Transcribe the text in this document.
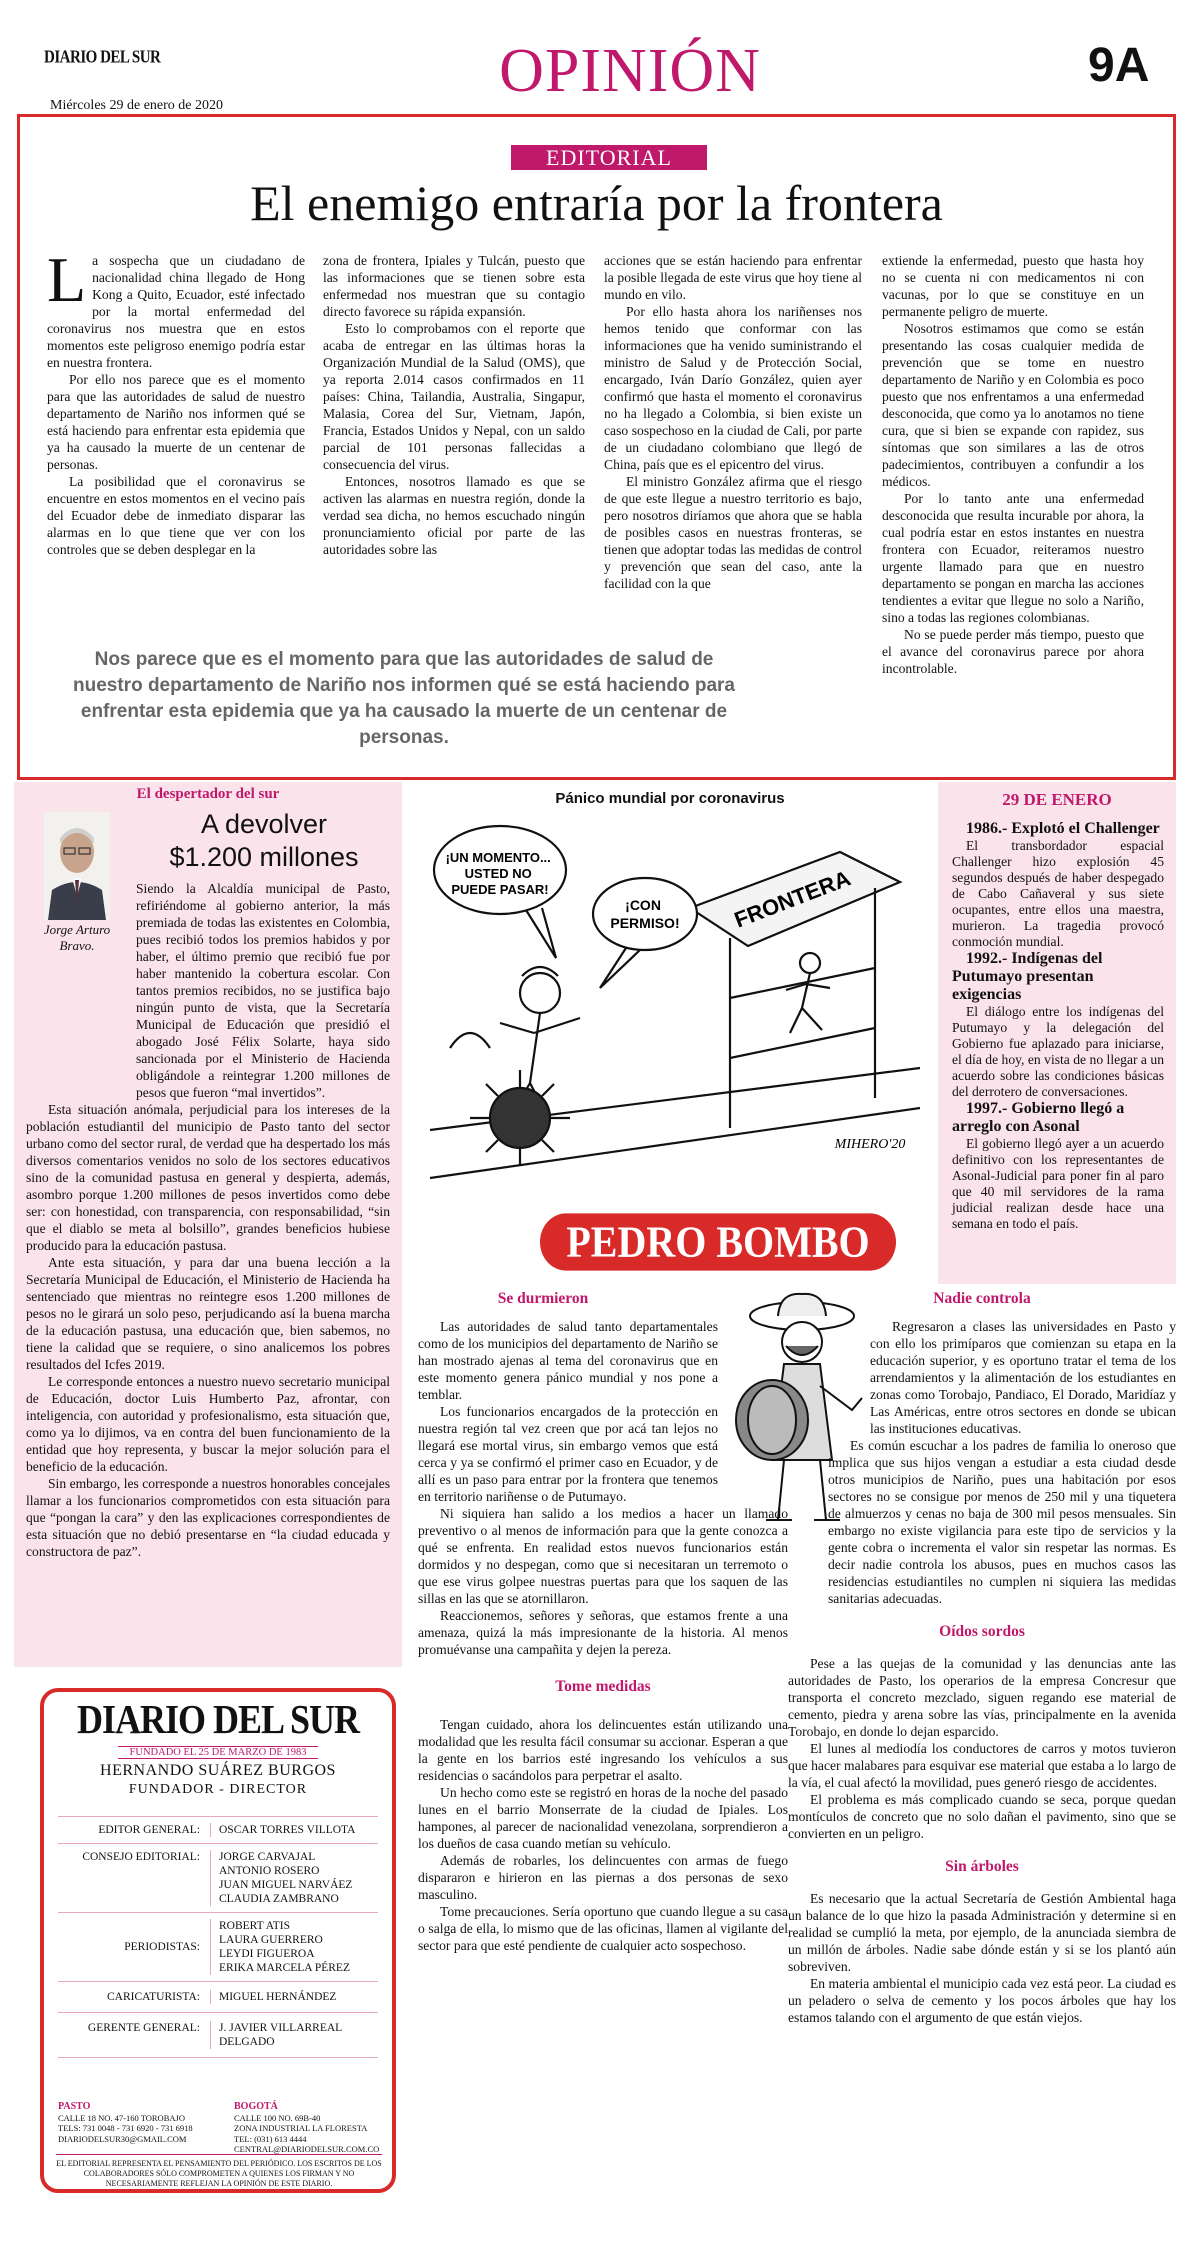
DIARIO DEL SUR	OPINIÓN	9A
Miércoles 29 de enero de 2020
EDITORIAL
El enemigo entraría por la frontera

La sospecha que un ciudadano de nacionalidad china llegado de Hong Kong a Quito, Ecuador, esté infectado por la mortal enfermedad del coronavirus nos muestra que en estos momentos este peligroso enemigo podría estar en nuestra frontera.

Por ello nos parece que es el momento para que las autoridades de salud de nuestro departamento de Nariño nos informen qué se está haciendo para enfrentar esta epidemia que ya ha causado la muerte de un centenar de personas.

La posibilidad que el coronavirus se encuentre en estos momentos en el vecino país del Ecuador debe de inmediato disparar las alarmas en lo que tiene que ver con los controles que se deben desplegar en la

zona de frontera, Ipiales y Tulcán, puesto que las informaciones que se tienen sobre esta enfermedad nos muestran que su contagio directo favorece su rápida expansión.

Esto lo comprobamos con el reporte que acaba de entregar en las últimas horas la Organización Mundial de la Salud (OMS), que ya reporta 2.014 casos confirmados en 11 países: China, Tailandia, Australia, Singapur, Malasia, Corea del Sur, Vietnam, Japón, Francia, Estados Unidos y Nepal, con un saldo parcial de 101 personas fallecidas a consecuencia del virus.

Entonces, nosotros llamado es que se activen las alarmas en nuestra región, donde la verdad sea dicha, no hemos escuchado ningún pronunciamiento oficial por parte de las autoridades sobre las

acciones que se están haciendo para enfrentar la posible llegada de este virus que hoy tiene al mundo en vilo.

Por ello hasta ahora los nariñenses nos hemos tenido que conformar con las informaciones que ha venido suministrando el ministro de Salud y de Protección Social, encargado, Iván Darío González, quien ayer confirmó que hasta el momento el coronavirus no ha llegado a Colombia, si bien existe un caso sospechoso en la ciudad de Cali, por parte de un ciudadano colombiano que llegó de China, país que es el epicentro del virus.

El ministro González afirma que el riesgo de que este llegue a nuestro territorio es bajo, pero nosotros diríamos que ahora que se habla de posibles casos en nuestras fronteras, se tienen que adoptar todas las medidas de control y prevención que sean del caso, ante la facilidad con la que

extiende la enfermedad, puesto que hasta hoy no se cuenta ni con medicamentos ni con vacunas, por lo que se constituye en un permanente peligro de muerte.

Nosotros estimamos que como se están presentando las cosas cualquier medida de prevención que se tome en nuestro departamento de Nariño y en Colombia es poco puesto que nos enfrentamos a una enfermedad desconocida, que como ya lo anotamos no tiene cura, que si bien se expande con rapidez, sus síntomas que son similares a las de otros padecimientos, contribuyen a confundir a los médicos.

Por lo tanto ante una enfermedad desconocida que resulta incurable por ahora, la cual podría estar en estos instantes en nuestra frontera con Ecuador, reiteramos nuestro urgente llamado para que en nuestro departamento se pongan en marcha las acciones tendientes a evitar que llegue no solo a Nariño, sino a todas las regiones colombianas.

No se puede perder más tiempo, puesto que el avance del coronavirus parece por ahora incontrolable.

Nos parece que es el momento para que las autoridades de salud de nuestro departamento de Nariño nos informen qué se está haciendo para enfrentar esta epidemia que ya ha causado la muerte de un centenar de personas.
El despertador del sur
Jorge Arturo
Bravo.
A devolver
$1.200 millones

Siendo la Alcaldía municipal de Pasto, refiriéndome al gobierno anterior, la más premiada de todas las existentes en Colombia, pues recibió todos los premios habidos y por haber, el último premio que recibió fue por haber mantenido la cobertura escolar. Con tantos premios recibidos, no se justifica bajo ningún punto de vista, que la Secretaría Municipal de Educación que presidió el abogado José Félix Solarte, haya sido sancionada por el Ministerio de Hacienda obligándole a reintegrar 1.200 millones de pesos que fueron “mal invertidos”.

Esta situación anómala, perjudicial para los intereses de la población estudiantil del municipio de Pasto tanto del sector urbano como del sector rural, de verdad que ha despertado los más diversos comentarios venidos no solo de los sectores educativos sino de la comunidad pastusa en general y despierta, además, asombro porque 1.200 millones de pesos invertidos como debe ser: con honestidad, con transparencia, con responsabilidad, “sin que el diablo se meta al bolsillo”, grandes beneficios hubiese producido para la educación pastusa.

Ante esta situación, y para dar una buena lección a la Secretaría Municipal de Educación, el Ministerio de Hacienda ha sentenciado que mientras no reintegre esos 1.200 millones de pesos no le girará un solo peso, perjudicando así la buena marcha de la educación pastusa, una educación que, bien sabemos, no tiene la calidad que se requiere, o sino analicemos los pobres resultados del Icfes 2019.

Le corresponde entonces a nuestro nuevo secretario municipal de Educación, doctor Luis Humberto Paz, afrontar, con inteligencia, con autoridad y profesionalismo, esta situación que, como ya lo dijimos, va en contra del buen funcionamiento de la entidad que hoy representa, y buscar la mejor solución para el beneficio de la educación.

Sin embargo, les corresponde a nuestros honorables concejales llamar a los funcionarios comprometidos con esta situación para que “pongan la cara” y den las explicaciones correspondientes de esta situación que no debió presentarse en “la ciudad educada y constructora de paz”.

Pánico mundial por coronavirus
¡UN MOMENTO... USTED NO PUEDE PASAR!
¡CON PERMISO! FRONTERA
MIHERO'20
29 DE ENERO
1986.- Explotó el Challenger

El transbordador espacial Challenger hizo explosión 45 segundos después de haber despegado de Cabo Cañaveral y sus siete ocupantes, entre ellos una maestra, murieron. La tragedia provocó conmoción mundial.

1992.- Indígenas del Putumayo presentan exigencias

El diálogo entre los indígenas del Putumayo y la delegación del Gobierno fue aplazado para iniciarse, el día de hoy, en vista de no llegar a un acuerdo sobre las condiciones básicas del derrotero de conversaciones.

1997.- Gobierno llegó a arreglo con Asonal

El gobierno llegó ayer a un acuerdo definitivo con los representantes de Asonal-Judicial para poner fin al paro que 40 mil servidores de la rama judicial realizan desde hace una semana en todo el país.

PEDRO BOMBO
Se durmieron

Las autoridades de salud tanto departamentales como de los municipios del departamento de Nariño se han mostrado ajenas al tema del coronavirus que en este momento genera pánico mundial y nos pone a temblar.

Los funcionarios encargados de la protección en nuestra región tal vez creen que por acá tan lejos no llegará ese mortal virus, sin embargo vemos que está cerca y ya se confirmó el primer caso en Ecuador, y de allí es un paso para entrar por la frontera que tenemos en territorio nariñense o de Putumayo.

Ni siquiera han salido a los medios a hacer un llamado preventivo o al menos de información para que la gente conozca a qué se enfrenta. En realidad estos nuevos funcionarios están dormidos y no despegan, como que si necesitaran un terremoto o que ese virus golpee nuestras puertas para que los saquen de las sillas en las que se atornillaron.

Reaccionemos, señores y señoras, que estamos frente a una amenaza, quizá la más impresionante de la historia. Al menos promuévanse una campañita y dejen la pereza.

Tome medidas

Tengan cuidado, ahora los delincuentes están utilizando una modalidad que les resulta fácil consumar su accionar. Esperan a que la gente en los barrios esté ingresando los vehículos a sus residencias o sacándolos para perpetrar el asalto.

Un hecho como este se registró en horas de la noche del pasado lunes en el barrio Monserrate de la ciudad de Ipiales. Los hampones, al parecer de nacionalidad venezolana, sorprendieron a los dueños de casa cuando metían su vehículo.

Además de robarles, los delincuentes con armas de fuego dispararon e hirieron en las piernas a dos personas de sexo masculino.

Tome precauciones. Sería oportuno que cuando llegue a su casa o salga de ella, lo mismo que de las oficinas, llamen al vigilante del sector para que esté pendiente de cualquier acto sospechoso.

Nadie controla

Regresaron a clases las universidades en Pasto y con ello los primíparos que comienzan su etapa en la educación superior, y es oportuno tratar el tema de los arrendamientos y la alimentación de los estudiantes en zonas como Torobajo, Pandiaco, El Dorado, Maridíaz y Las Américas, entre otros sectores en donde se ubican las instituciones educativas.

Es común escuchar a los padres de familia lo oneroso que implica que sus hijos vengan a estudiar a esta ciudad desde otros municipios de Nariño, pues una habitación por esos sectores no se consigue por menos de 250 mil y una tiquetera de almuerzos y cenas no baja de 300 mil pesos mensuales. Sin embargo no existe vigilancia para este tipo de servicios y la gente cobra o incrementa el valor sin respetar las normas. Es decir nadie controla los abusos, pues en muchos casos las residencias estudiantiles no cumplen ni siquiera las medidas sanitarias adecuadas.

Oídos sordos

Pese a las quejas de la comunidad y las denuncias ante las autoridades de Pasto, los operarios de la empresa Concresur que transporta el concreto mezclado, siguen regando ese material de cemento, piedra y arena sobre las vías, principalmente en la avenida Torobajo, en donde lo dejan esparcido.

El lunes al mediodía los conductores de carros y motos tuvieron que hacer malabares para esquivar ese material que estaba a lo largo de la vía, el cual afectó la movilidad, pues generó riesgo de accidentes.

El problema es más complicado cuando se seca, porque quedan montículos de concreto que no solo dañan el pavimento, sino que se convierten en un peligro.

Sin árboles

Es necesario que la actual Secretaría de Gestión Ambiental haga un balance de lo que hizo la pasada Administración y determine si en realidad se cumplió la meta, por ejemplo, de la anunciada siembra de un millón de árboles. Nadie sabe dónde están y si se los plantó aún sobreviven.

En materia ambiental el municipio cada vez está peor. La ciudad es un peladero o selva de cemento y los pocos árboles que hay los estamos talando con el argumento de que están viejos.

DIARIO DEL SUR
FUNDADO EL 25 DE MARZO DE 1983
HERNANDO SUÁREZ BURGOS
FUNDADOR - DIRECTOR
EDITOR GENERAL:	OSCAR TORRES VILLOTA
CONSEJO EDITORIAL:	JORGE CARVAJAL
ANTONIO ROSERO
JUAN MIGUEL NARVÁEZ
CLAUDIA ZAMBRANO
PERIODISTAS:
ROBERT ATIS
LAURA GUERRERO
LEYDI FIGUEROA
ERIKA MARCELA PÉREZ
CARICATURISTA:	MIGUEL HERNÁNDEZ
GERENTE GENERAL:	J. JAVIER VILLARREAL DELGADO
PASTO
CALLE 18 NO. 47-160 TOROBAJO
TELS: 731 0048 - 731 6920 - 731 6918
DIARIODELSUR30@GMAIL.COM
BOGOTÁ
CALLE 100 NO. 69B-40
ZONA INDUSTRIAL LA FLORESTA
TEL: (031) 613 4444
CENTRAL@DIARIODELSUR.COM.CO
EL EDITORIAL REPRESENTA EL PENSAMIENTO DEL PERIÓDICO. LOS ESCRITOS DE LOS COLABORADORES SÓLO COMPROMETEN A QUIENES LOS FIRMAN Y NO NECESARIAMENTE REFLEJAN LA OPINIÓN DE ESTE DIARIO.
